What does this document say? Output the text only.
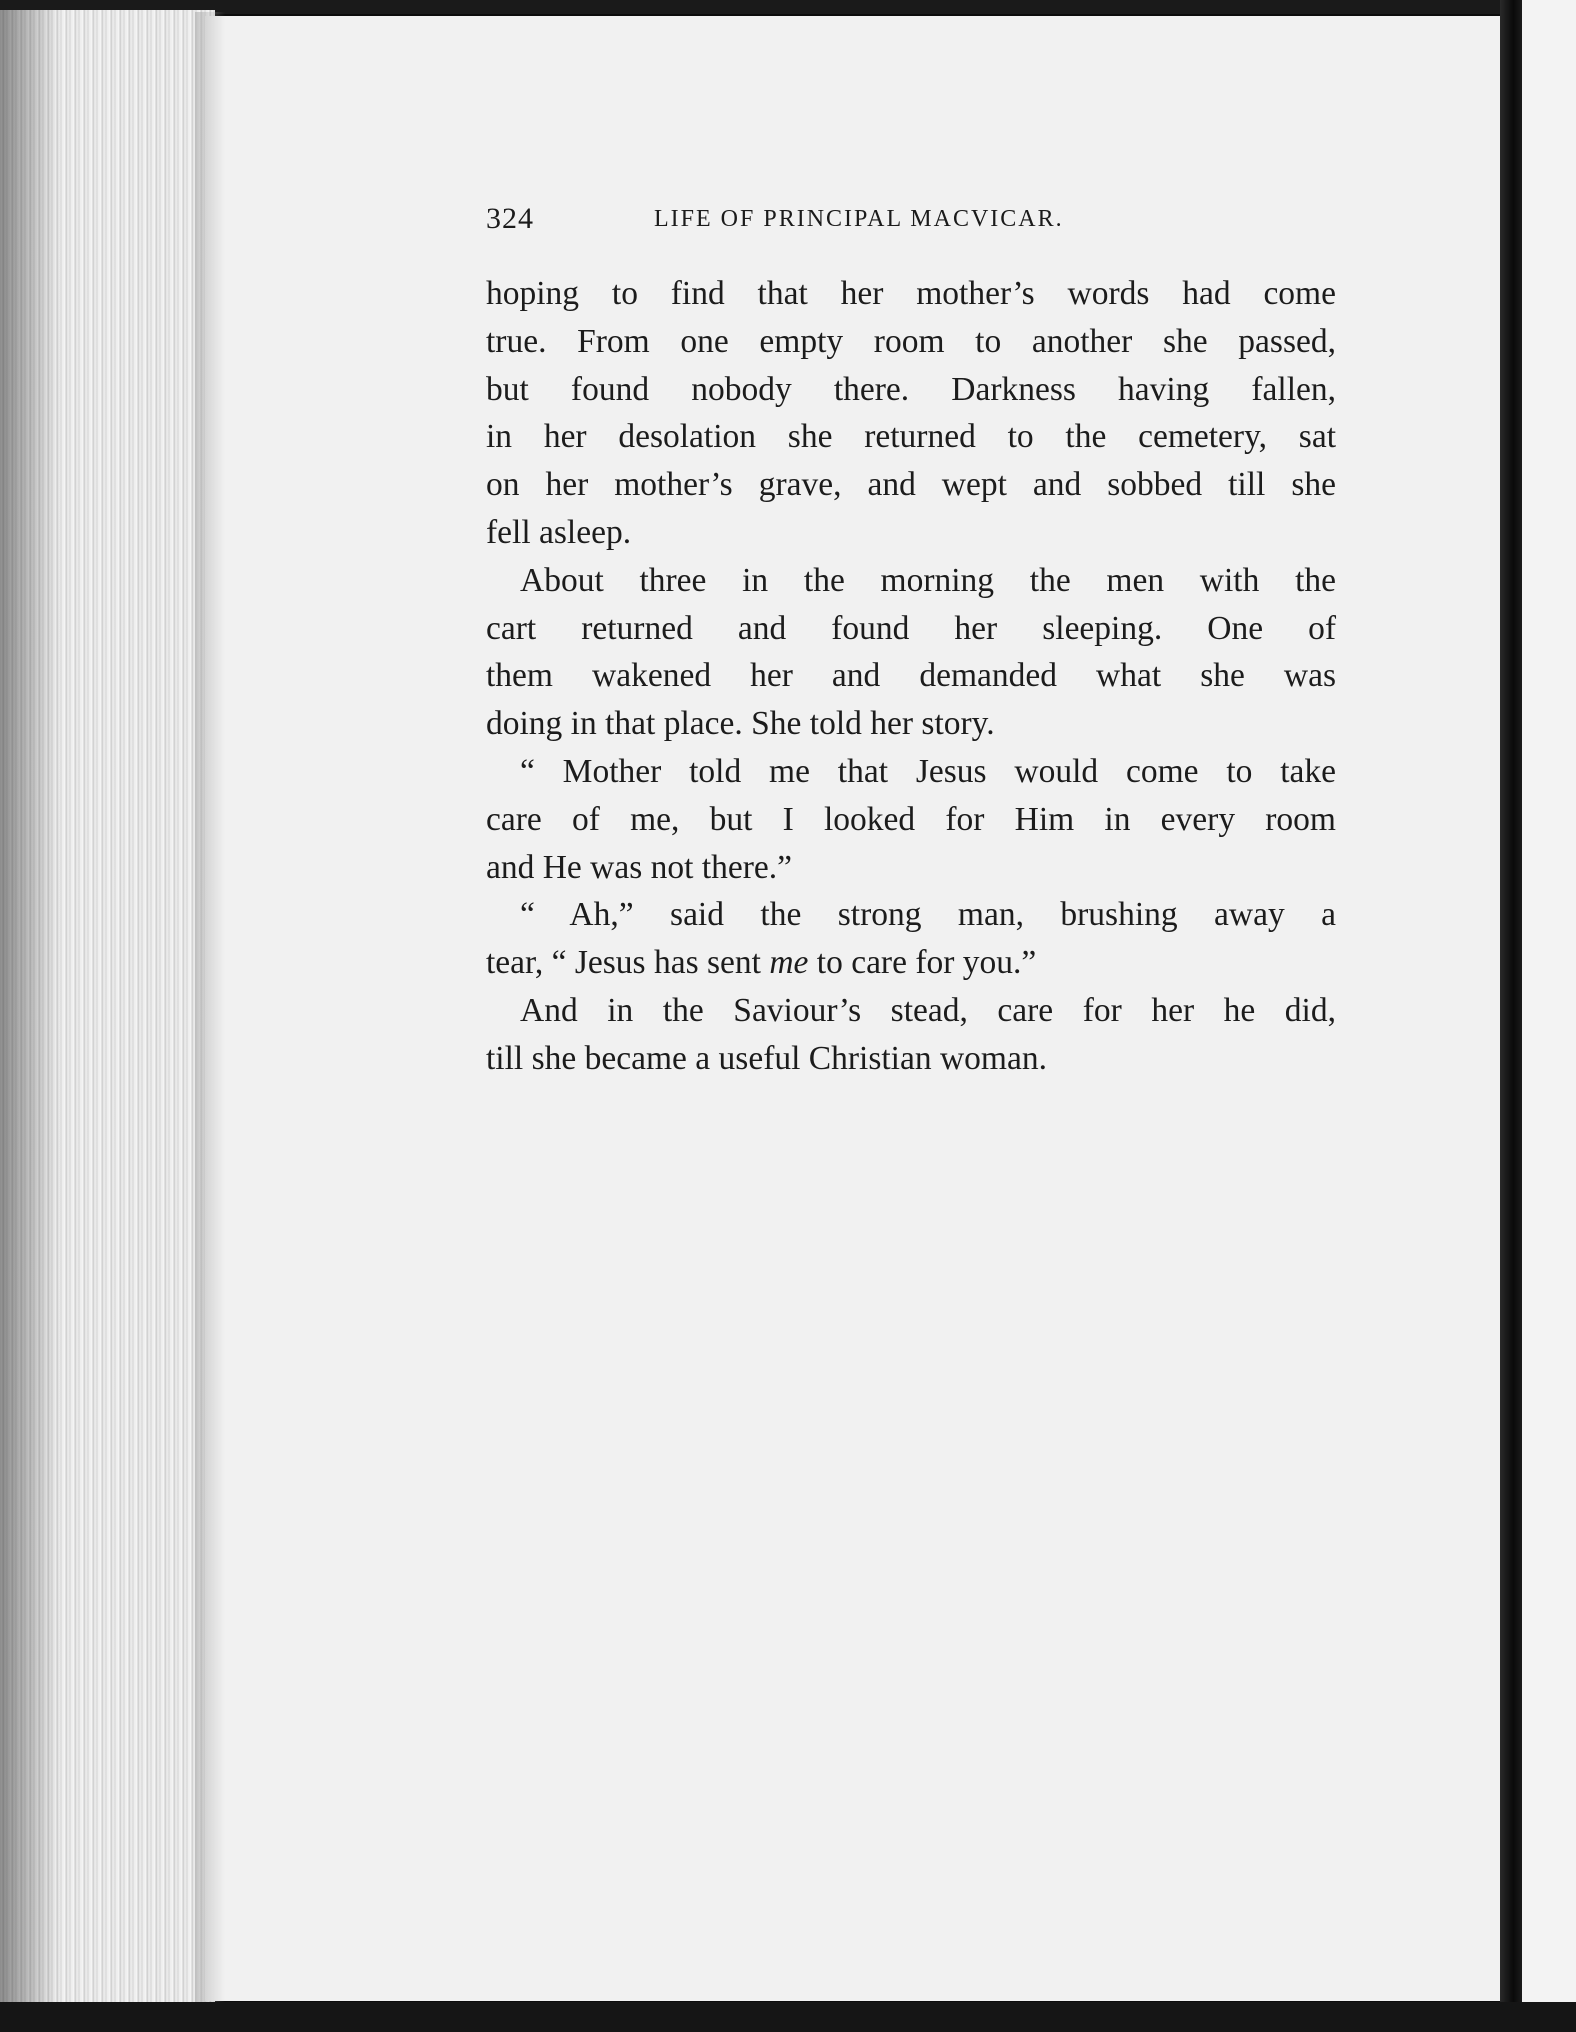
324	LIFE OF PRINCIPAL MACVICAR.
hoping to find that her mother’s words had come
true. From one empty room to another she passed,
but found nobody there. Darkness having fallen,
in her desolation she returned to the cemetery, sat
on her mother’s grave, and wept and sobbed till she
fell asleep.
About three in the morning the men with the
cart returned and found her sleeping. One of
them wakened her and demanded what she was
doing in that place. She told her story.
“ Mother told me that Jesus would come to take
care of me, but I looked for Him in every room
and He was not there.”
“ Ah,” said the strong man, brushing away a
tear, “ Jesus has sent me to care for you.”
And in the Saviour’s stead, care for her he did,
till she became a useful Christian woman.
